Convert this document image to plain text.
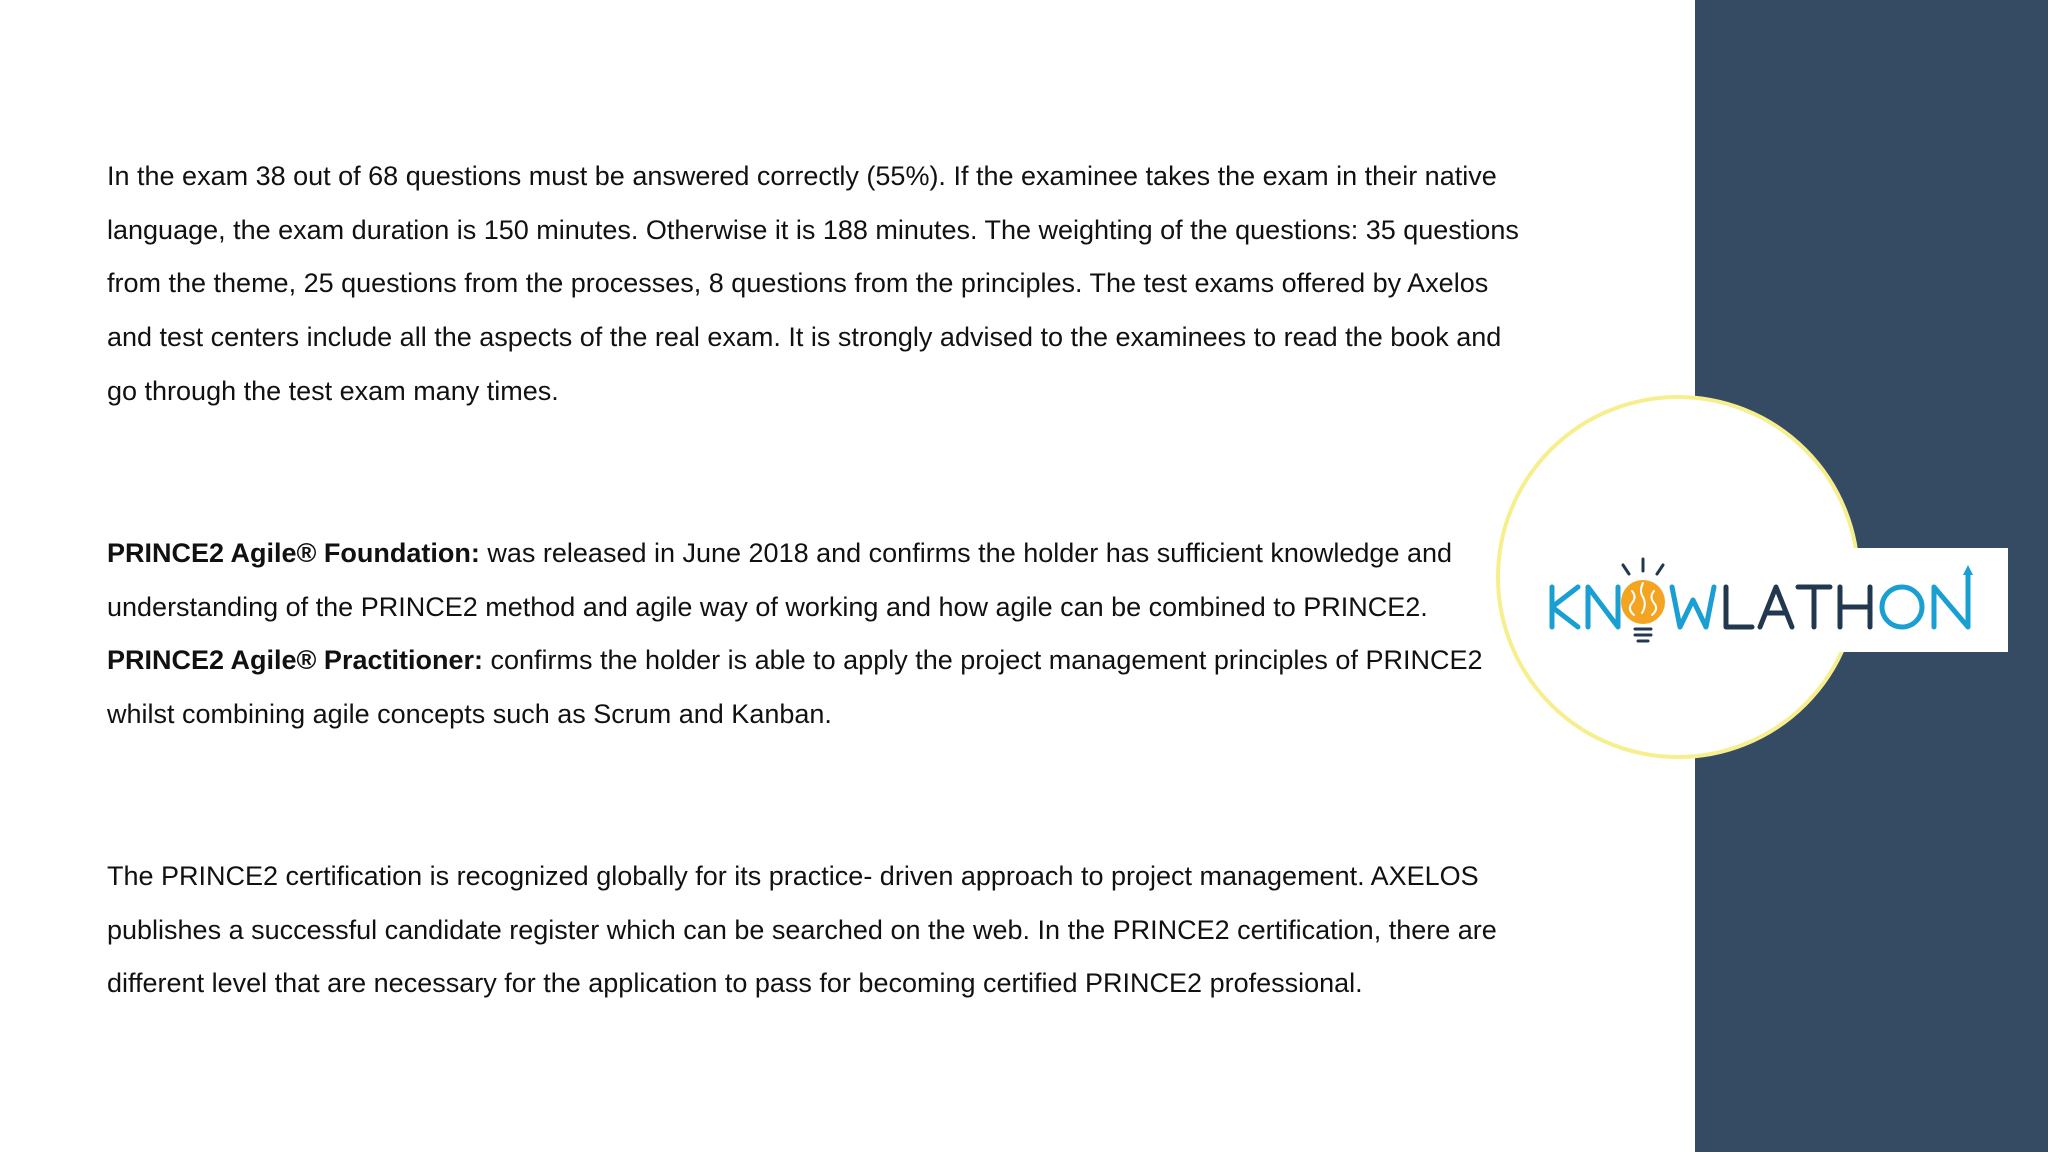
In the exam 38 out of 68 questions must be answered correctly (55%). If the examinee takes the exam in their native language, the exam duration is 150 minutes. Otherwise it is 188 minutes. The weighting of the questions: 35 questions from the theme, 25 questions from the processes, 8 questions from the principles. The test exams offered by Axelos and test centers include all the aspects of the real exam. It is strongly advised to the examinees to read the book and go through the test exam many times.

PRINCE2 Agile® Foundation: was released in June 2018 and confirms the holder has sufficient knowledge and understanding of the PRINCE2 method and agile way of working and how agile can be combined to PRINCE2.
PRINCE2 Agile® Practitioner: confirms the holder is able to apply the project management principles of PRINCE2 whilst combining agile concepts such as Scrum and Kanban.

The PRINCE2 certification is recognized globally for its practice- driven approach to project management. AXELOS publishes a successful candidate register which can be searched on the web. In the PRINCE2 certification, there are different level that are necessary for the application to pass for becoming certified PRINCE2 professional.
